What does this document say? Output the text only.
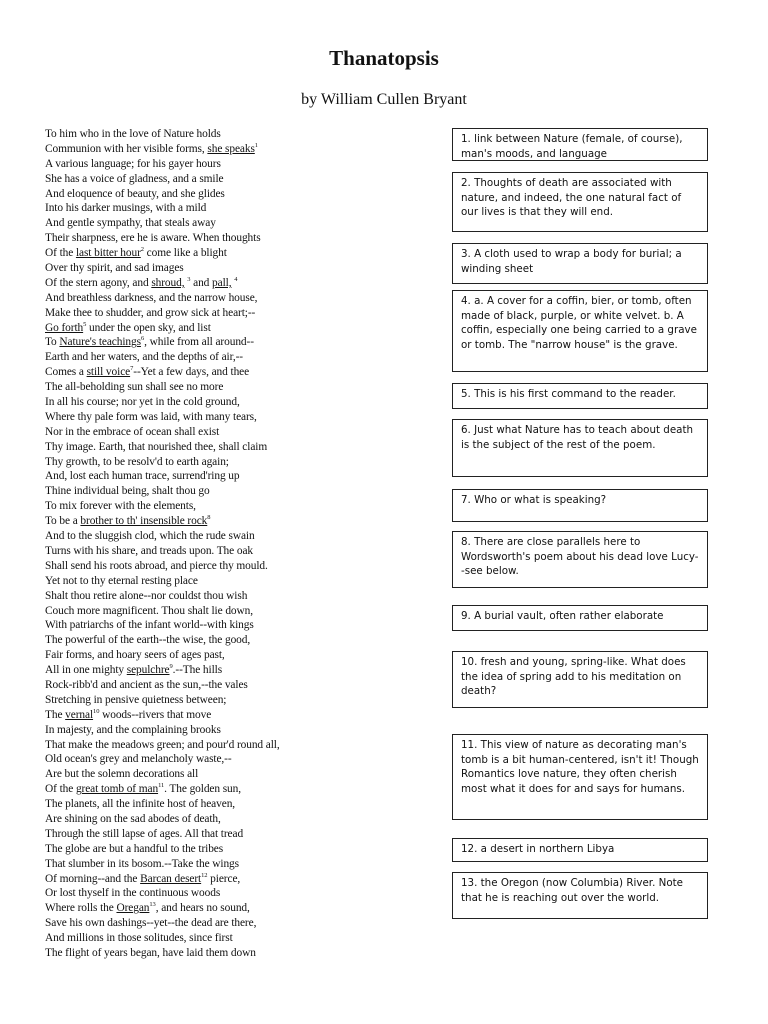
Thanatopsis
by William Cullen Bryant
To him who in the love of Nature holds
Communion with her visible forms, she speaks$^1$
A various language; for his gayer hours
She has a voice of gladness, and a smile
And eloquence of beauty, and she glides
Into his darker musings, with a mild
And gentle sympathy, that steals away
Their sharpness, ere he is aware. When thoughts
Of the last bitter hour$^2$ come like a blight
Over thy spirit, and sad images
Of the stern agony, and shroud, $^3$ and pall, $^4$
And breathless darkness, and the narrow house,
Make thee to shudder, and grow sick at heart;--
Go forth$^5$ under the open sky, and list
To Nature's teachings$^6$, while from all around--
Earth and her waters, and the depths of air,--
Comes a still voice$^7$--Yet a few days, and thee
The all-beholding sun shall see no more
In all his course; nor yet in the cold ground,
Where thy pale form was laid, with many tears,
Nor in the embrace of ocean shall exist
Thy image. Earth, that nourished thee, shall claim
Thy growth, to be resolv'd to earth again;
And, lost each human trace, surrend'ring up
Thine individual being, shalt thou go
To mix forever with the elements,
To be a brother to th' insensible rock$^8$
And to the sluggish clod, which the rude swain
Turns with his share, and treads upon. The oak
Shall send his roots abroad, and pierce thy mould.
Yet not to thy eternal resting place
Shalt thou retire alone--nor couldst thou wish
Couch more magnificent. Thou shalt lie down,
With patriarchs of the infant world--with kings
The powerful of the earth--the wise, the good,
Fair forms, and hoary seers of ages past,
All in one mighty sepulchre$^9$.--The hills
Rock-ribb'd and ancient as the sun,--the vales
Stretching in pensive quietness between;
The vernal$^{10}$ woods--rivers that move
In majesty, and the complaining brooks
That make the meadows green; and pour'd round all,
Old ocean's grey and melancholy waste,--
Are but the solemn decorations all
Of the great tomb of man$^{11}$. The golden sun,
The planets, all the infinite host of heaven,
Are shining on the sad abodes of death,
Through the still lapse of ages. All that tread
The globe are but a handful to the tribes
That slumber in its bosom.--Take the wings
Of morning--and the Barcan desert$^{12}$ pierce,
Or lost thyself in the continuous woods
Where rolls the Oregan$^{13}$, and hears no sound,
Save his own dashings--yet--the dead are there,
And millions in those solitudes, since first
The flight of years began, have laid them down
1. link between Nature (female, of course), man's moods, and language
2. Thoughts of death are associated with nature, and indeed, the one natural fact of our lives is that they will end.
3. A cloth used to wrap a body for burial; a winding sheet
4. a. A cover for a coffin, bier, or tomb, often made of black, purple, or white velvet. b. A coffin, especially one being carried to a grave or tomb. The "narrow house" is the grave.
5. This is his first command to the reader.
6. Just what Nature has to teach about death is the subject of the rest of the poem.
7. Who or what is speaking?
8. There are close parallels here to Wordsworth's poem about his dead love Lucy--see below.
9. A burial vault, often rather elaborate
10. fresh and young, spring-like. What does the idea of spring add to his meditation on death?
11. This view of nature as decorating man's tomb is a bit human-centered, isn't it! Though Romantics love nature, they often cherish most what it does for and says for humans.
12. a desert in northern Libya
13. the Oregon (now Columbia) River. Note that he is reaching out over the world.
